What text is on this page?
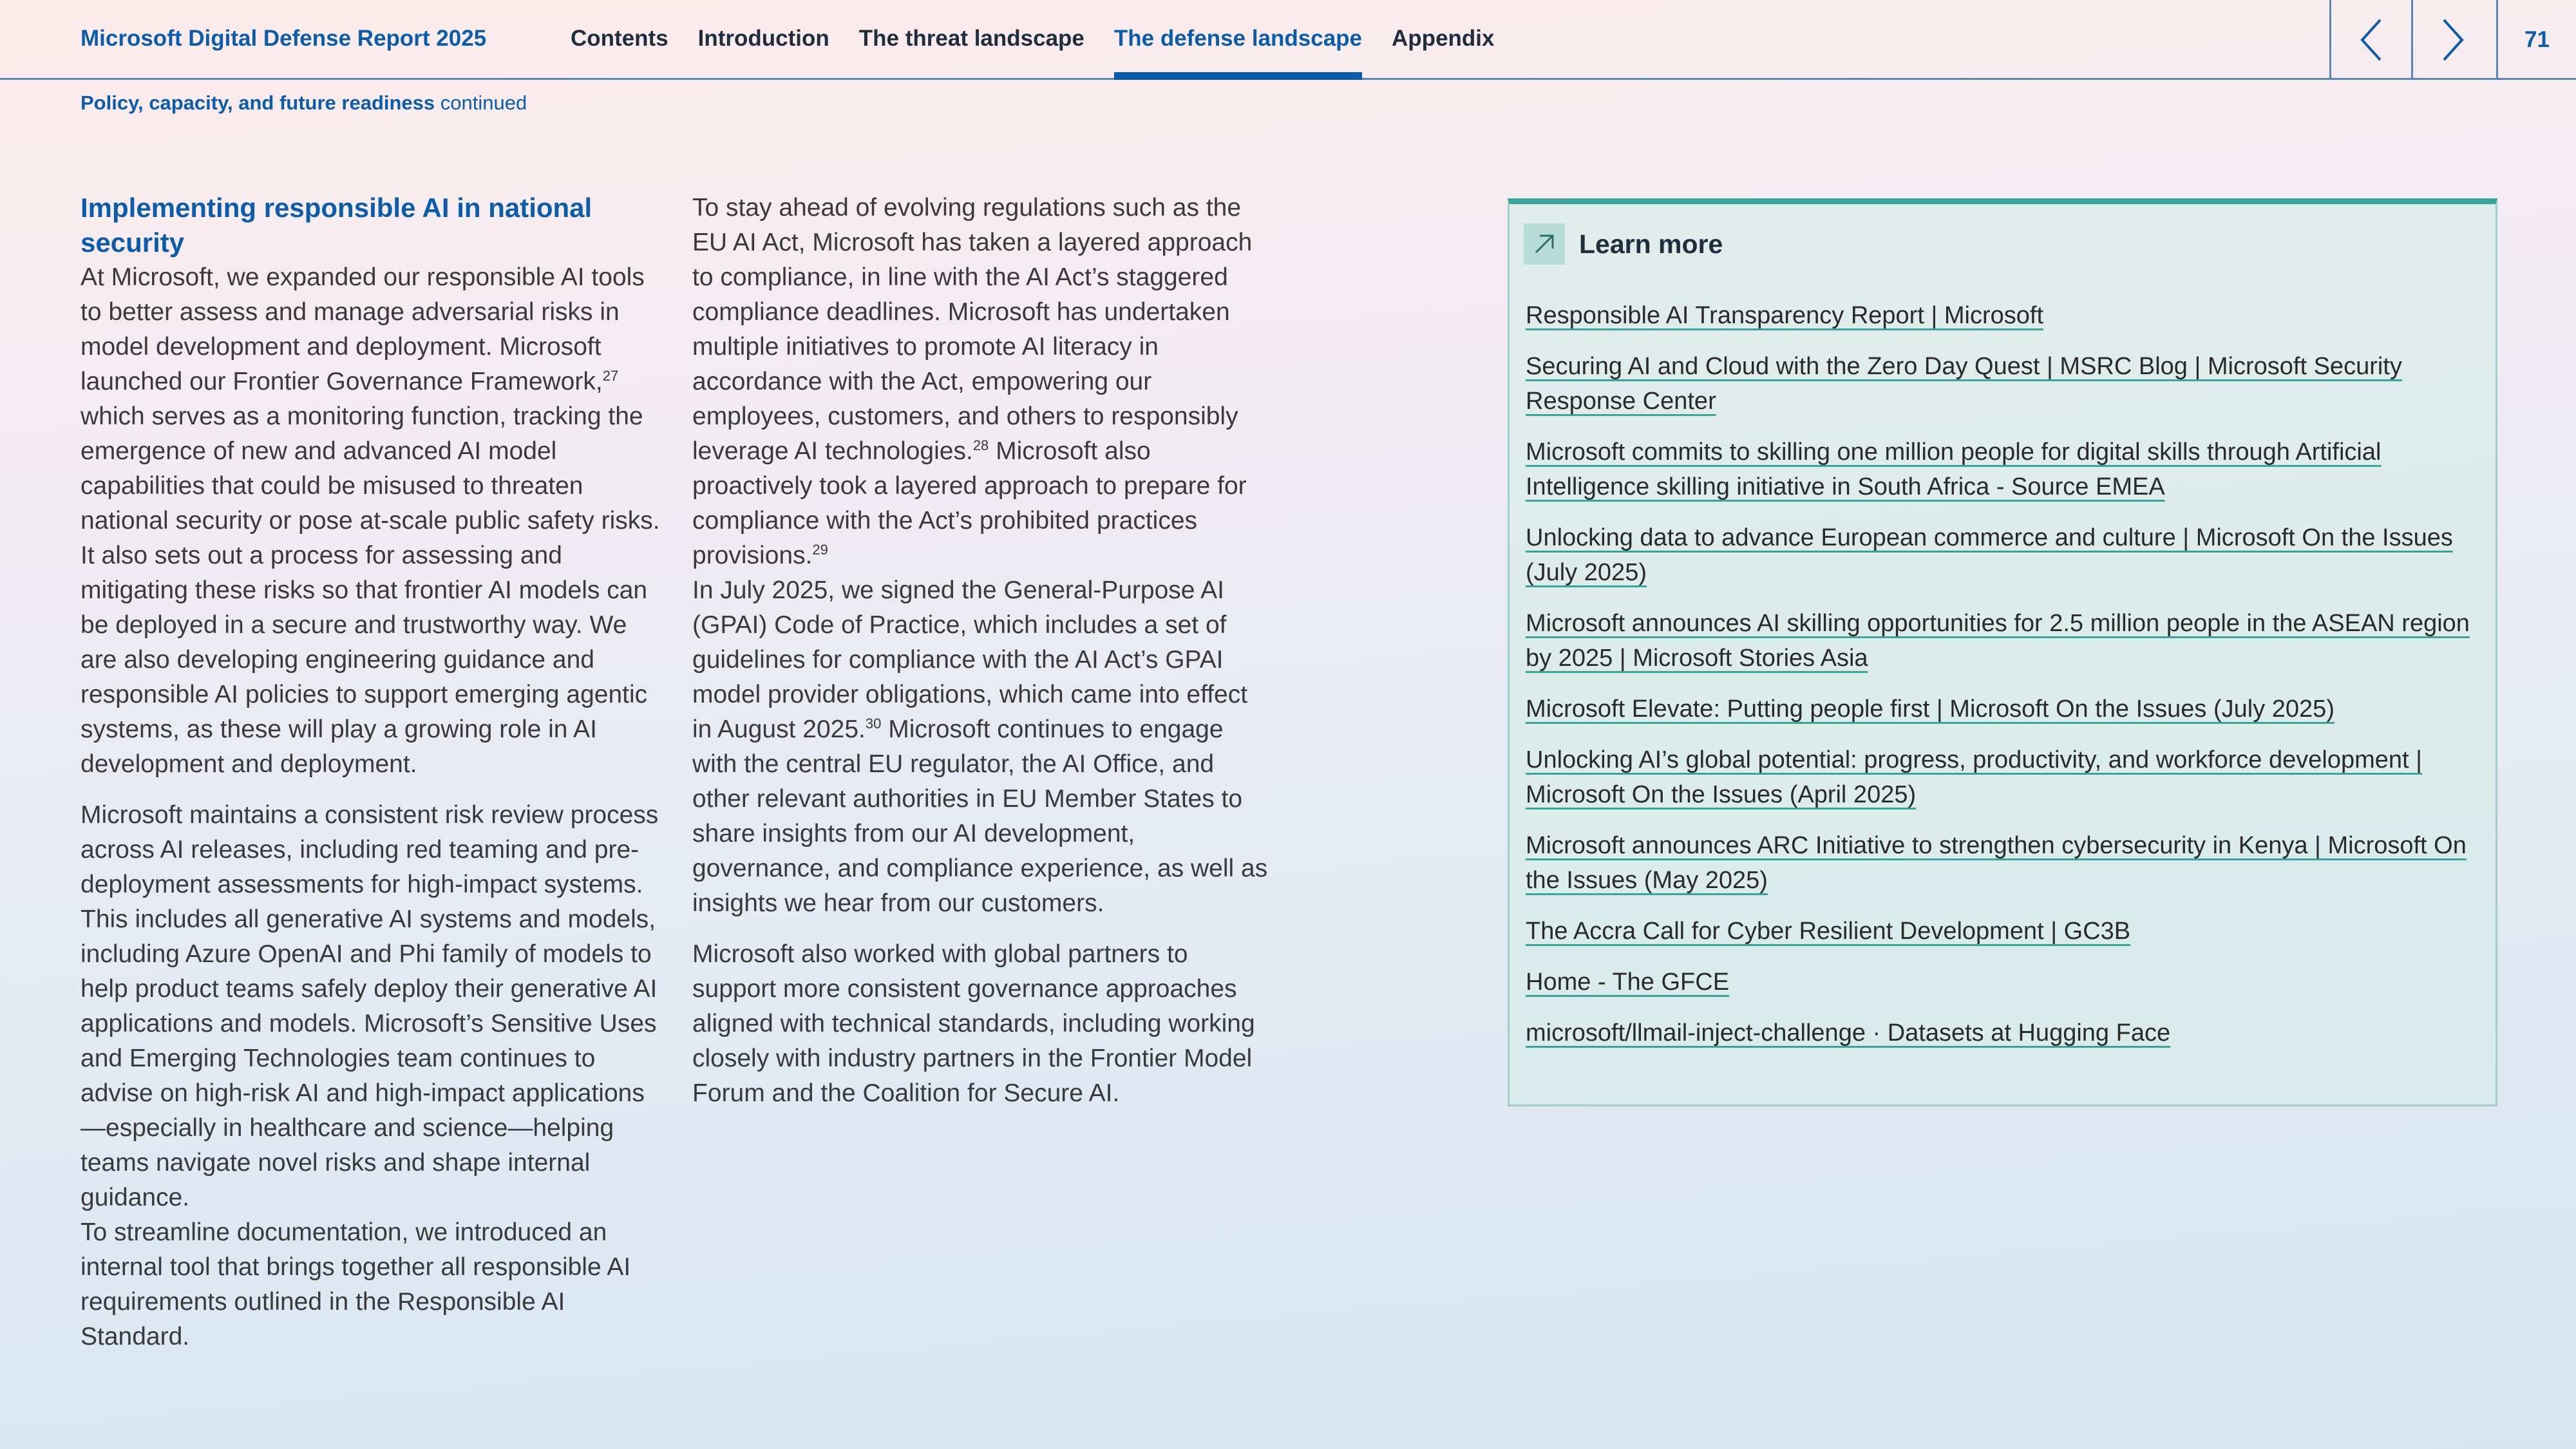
Microsoft Digital Defense Report 2025	Contents Introduction The threat landscape The defense landscape Appendix	71
Policy, capacity, and future readiness continued
Implementing responsible AI in national security

At Microsoft, we expanded our responsible AI tools to better assess and manage adversarial risks in model development and deployment. Microsoft launched our Frontier Governance Framework,$^{27}$ which serves as a monitoring function, tracking the emergence of new and advanced AI model capabilities that could be misused to threaten national security or pose at-scale public safety risks. It also sets out a process for assessing and mitigating these risks so that frontier AI models can be deployed in a secure and trustworthy way. We are also developing engineering guidance and responsible AI policies to support emerging agentic systems, as these will play a growing role in AI development and deployment.

Microsoft maintains a consistent risk review process across AI releases, including red teaming and pre-deployment assessments for high-impact systems. This includes all generative AI systems and models, including Azure OpenAI and Phi family of models to help product teams safely deploy their generative AI applications and models. Microsoft’s Sensitive Uses and Emerging Technologies team continues to advise on high-risk AI and high-impact applications—especially in healthcare and science—helping teams navigate novel risks and shape internal guidance.

To streamline documentation, we introduced an internal tool that brings together all responsible AI requirements outlined in the Responsible AI Standard.

To stay ahead of evolving regulations such as the EU AI Act, Microsoft has taken a layered approach to compliance, in line with the AI Act’s staggered compliance deadlines. Microsoft has undertaken multiple initiatives to promote AI literacy in accordance with the Act, empowering our employees, customers, and others to responsibly leverage AI technologies.$^{28}$ Microsoft also proactively took a layered approach to prepare for compliance with the Act’s prohibited practices provisions.$^{29}$

In July 2025, we signed the General-Purpose AI (GPAI) Code of Practice, which includes a set of guidelines for compliance with the AI Act’s GPAI model provider obligations, which came into effect in August 2025.30 Microsoft continues to engage with the central EU regulator, the AI Office, and other relevant authorities in EU Member States to share insights from our AI development, governance, and compliance experience, as well as insights we hear from our customers.

Microsoft also worked with global partners to support more consistent governance approaches aligned with technical standards, including working closely with industry partners in the Frontier Model Forum and the Coalition for Secure AI.

Learn more
Responsible AI Transparency Report | Microsoft
Securing AI and Cloud with the Zero Day Quest | MSRC Blog | Microsoft Security Response Center
Microsoft commits to skilling one million people for digital skills through Artificial Intelligence skilling initiative in South Africa - Source EMEA
Unlocking data to advance European commerce and culture | Microsoft On the Issues (July 2025)
Microsoft announces AI skilling opportunities for 2.5 million people in the ASEAN region by 2025 | Microsoft Stories Asia
Microsoft Elevate: Putting people first | Microsoft On the Issues (July 2025)
Unlocking AI’s global potential: progress, productivity, and workforce development | Microsoft On the Issues (April 2025)
Microsoft announces ARC Initiative to strengthen cybersecurity in Kenya | Microsoft On the Issues (May 2025)
The Accra Call for Cyber Resilient Development | GC3B
Home - The GFCE
microsoft/llmail-inject-challenge · Datasets at Hugging Face
